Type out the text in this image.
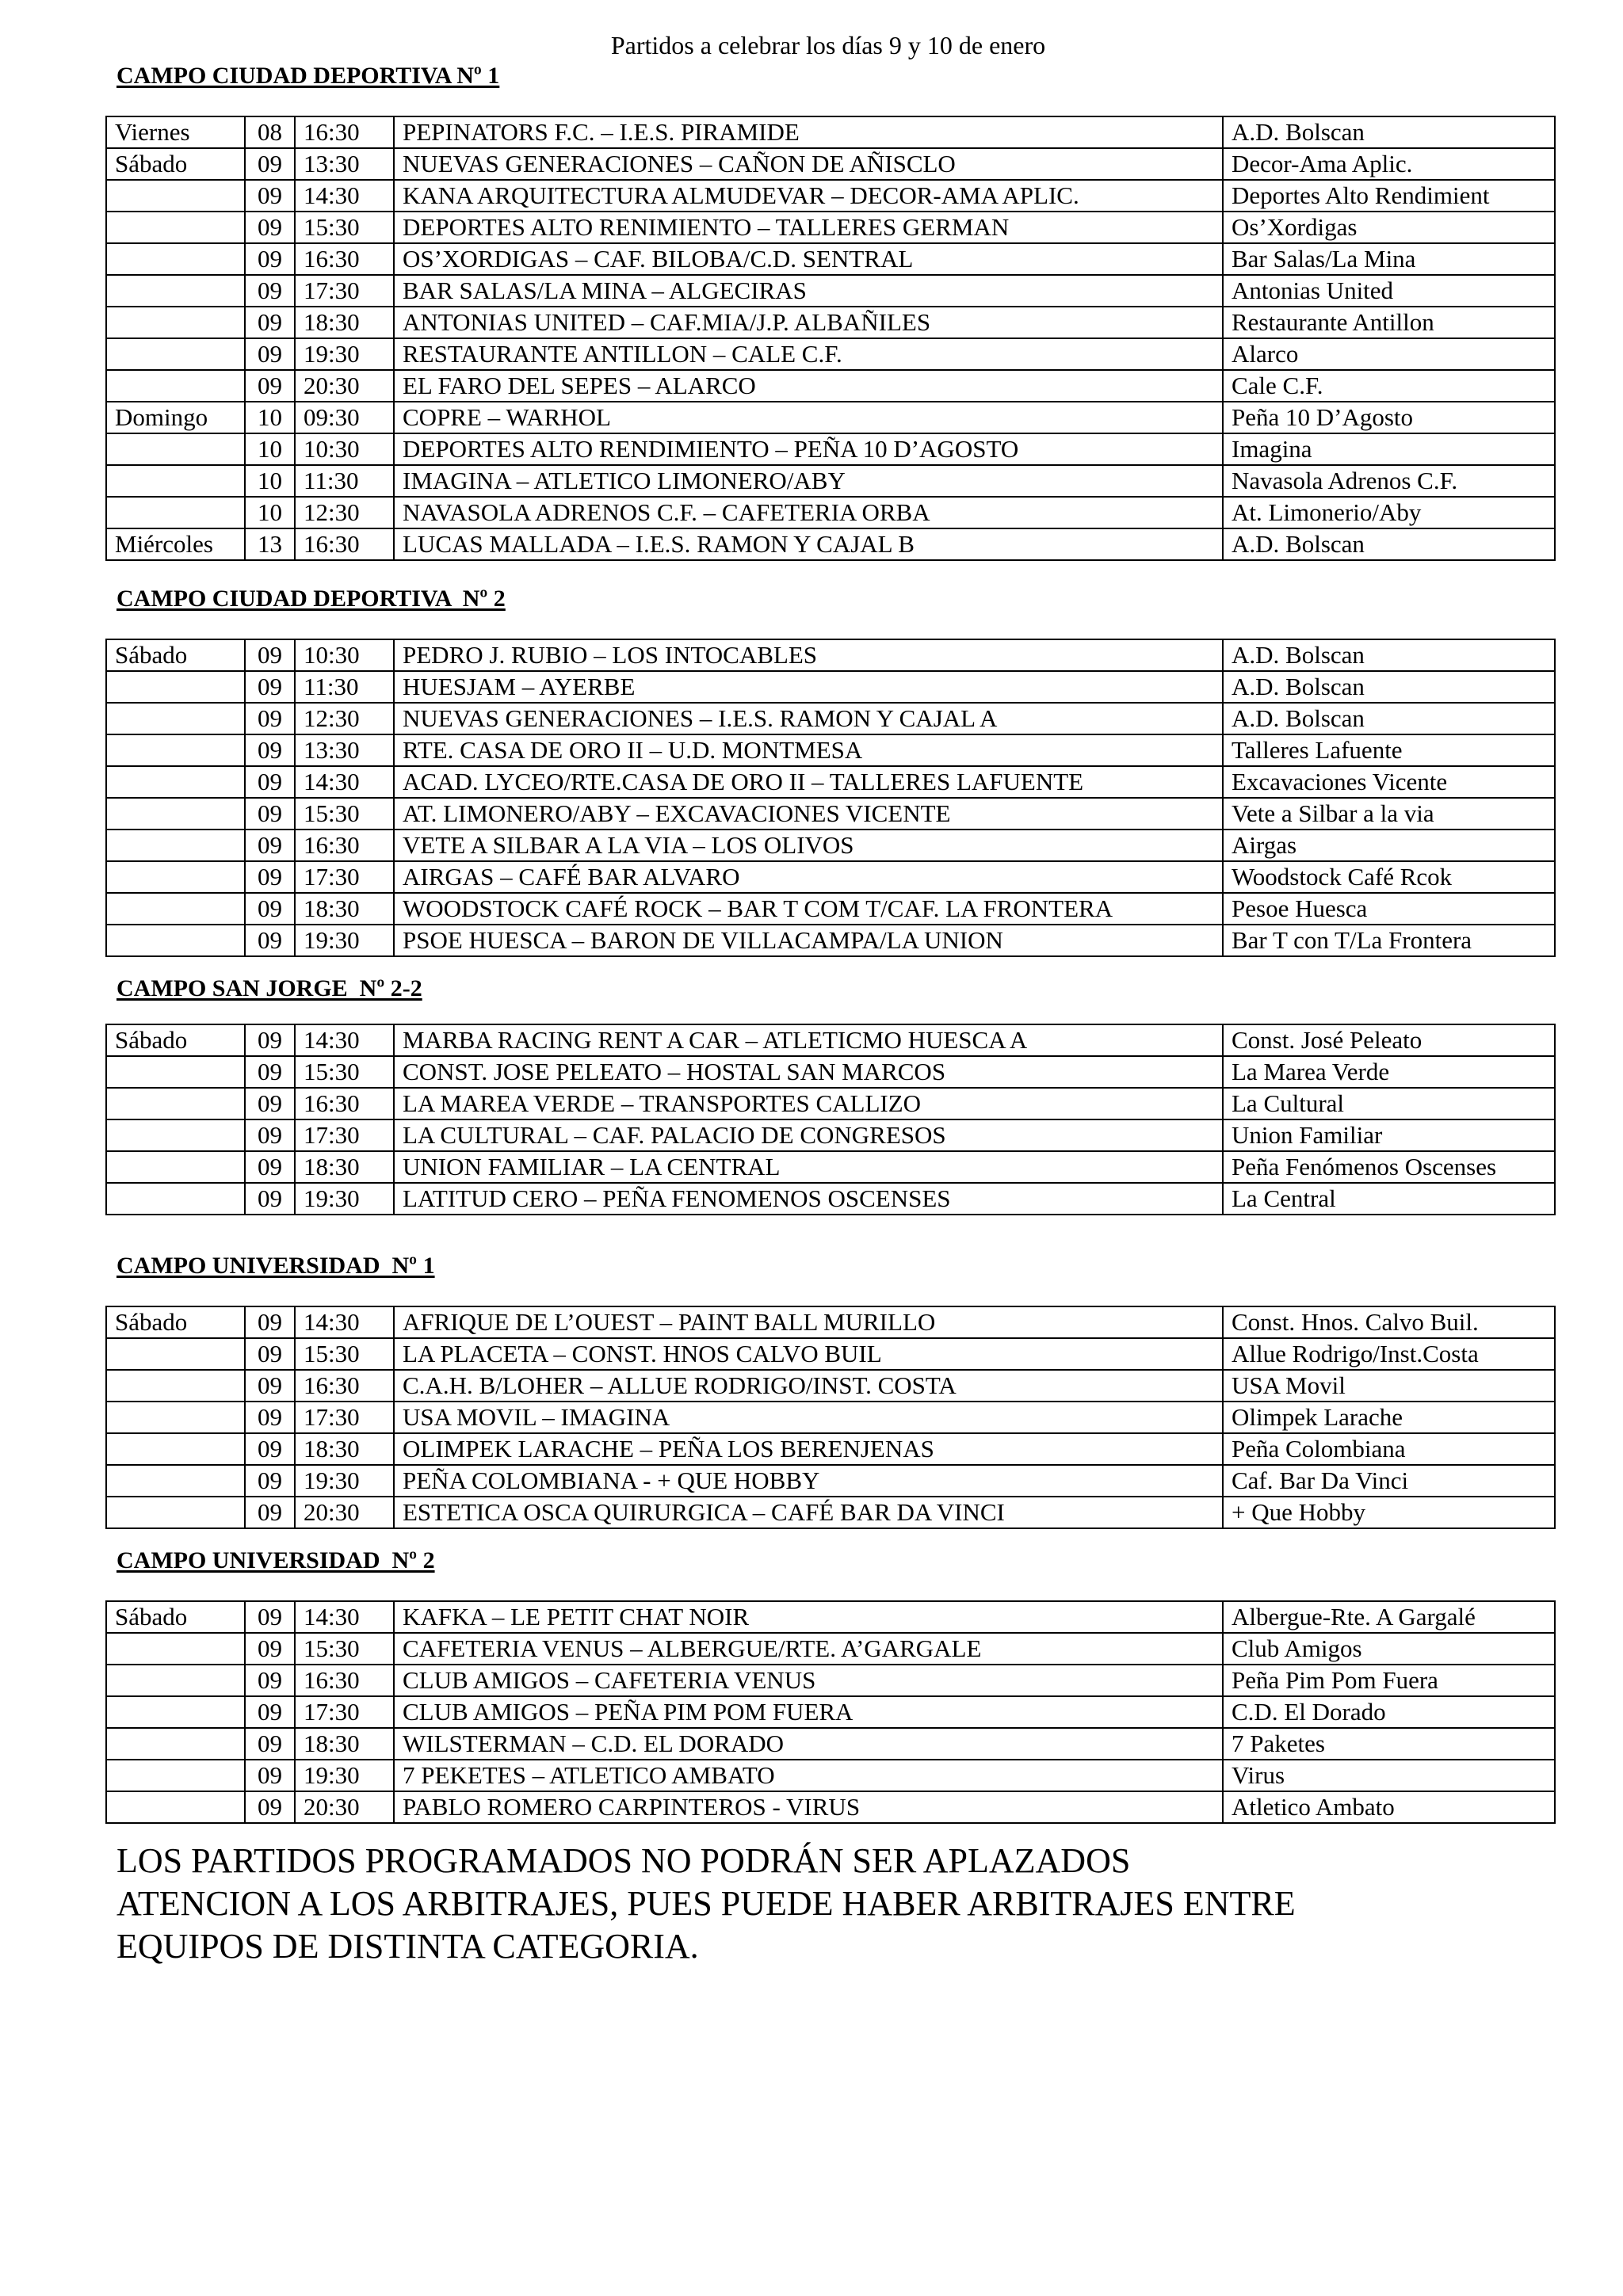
Partidos a celebrar los días 9 y 10 de enero
CAMPO CIUDAD DEPORTIVA Nº 1
Viernes	08	16:30	PEPINATORS F.C. – I.E.S. PIRAMIDE	A.D. Bolscan
Sábado	09	13:30	NUEVAS GENERACIONES – CAÑON DE AÑISCLO	Decor-Ama Aplic.
	09	14:30	KANA ARQUITECTURA ALMUDEVAR – DECOR-AMA APLIC.	Deportes Alto Rendimient
	09	15:30	DEPORTES ALTO RENIMIENTO – TALLERES GERMAN	Os’Xordigas
	09	16:30	OS’XORDIGAS – CAF. BILOBA/C.D. SENTRAL	Bar Salas/La Mina
	09	17:30	BAR SALAS/LA MINA – ALGECIRAS	Antonias United
	09	18:30	ANTONIAS UNITED – CAF.MIA/J.P. ALBAÑILES	Restaurante Antillon
	09	19:30	RESTAURANTE ANTILLON – CALE C.F.	Alarco
	09	20:30	EL FARO DEL SEPES – ALARCO	Cale C.F.
Domingo	10	09:30	COPRE – WARHOL	Peña 10 D’Agosto
	10	10:30	DEPORTES ALTO RENDIMIENTO – PEÑA 10 D’AGOSTO	Imagina
	10	11:30	IMAGINA – ATLETICO LIMONERO/ABY	Navasola Adrenos C.F.
	10	12:30	NAVASOLA ADRENOS C.F. – CAFETERIA ORBA	At. Limonerio/Aby
Miércoles	13	16:30	LUCAS MALLADA – I.E.S. RAMON Y CAJAL B	A.D. Bolscan
CAMPO CIUDAD DEPORTIVA  Nº 2
Sábado	09	10:30	PEDRO J. RUBIO – LOS INTOCABLES	A.D. Bolscan
	09	11:30	HUESJAM – AYERBE	A.D. Bolscan
	09	12:30	NUEVAS GENERACIONES – I.E.S. RAMON Y CAJAL A	A.D. Bolscan
	09	13:30	RTE. CASA DE ORO II – U.D. MONTMESA	Talleres Lafuente
	09	14:30	ACAD. LYCEO/RTE.CASA DE ORO II – TALLERES LAFUENTE	Excavaciones Vicente
	09	15:30	AT. LIMONERO/ABY – EXCAVACIONES VICENTE	Vete a Silbar a la via
	09	16:30	VETE A SILBAR A LA VIA – LOS OLIVOS	Airgas
	09	17:30	AIRGAS – CAFÉ BAR ALVARO	Woodstock Café Rcok
	09	18:30	WOODSTOCK CAFÉ ROCK – BAR T COM T/CAF. LA FRONTERA	Pesoe Huesca
	09	19:30	PSOE HUESCA – BARON DE VILLACAMPA/LA UNION	Bar T con T/La Frontera
CAMPO SAN JORGE  Nº 2-2
Sábado	09	14:30	MARBA RACING RENT A CAR – ATLETICMO HUESCA A	Const. José Peleato
	09	15:30	CONST. JOSE PELEATO – HOSTAL SAN MARCOS	La Marea Verde
	09	16:30	LA MAREA VERDE – TRANSPORTES CALLIZO	La Cultural
	09	17:30	LA CULTURAL – CAF. PALACIO DE CONGRESOS	Union Familiar
	09	18:30	UNION FAMILIAR – LA CENTRAL	Peña Fenómenos Oscenses
	09	19:30	LATITUD CERO – PEÑA FENOMENOS OSCENSES	La Central
CAMPO UNIVERSIDAD  Nº 1
Sábado	09	14:30	AFRIQUE DE L’OUEST – PAINT BALL MURILLO	Const. Hnos. Calvo Buil.
	09	15:30	LA PLACETA – CONST. HNOS CALVO BUIL	Allue Rodrigo/Inst.Costa
	09	16:30	C.A.H. B/LOHER – ALLUE RODRIGO/INST. COSTA	USA Movil
	09	17:30	USA MOVIL – IMAGINA	Olimpek Larache
	09	18:30	OLIMPEK LARACHE – PEÑA LOS BERENJENAS	Peña Colombiana
	09	19:30	PEÑA COLOMBIANA - + QUE HOBBY	Caf. Bar Da Vinci
	09	20:30	ESTETICA OSCA QUIRURGICA – CAFÉ BAR DA VINCI	+ Que Hobby
CAMPO UNIVERSIDAD  Nº 2
Sábado	09	14:30	KAFKA – LE PETIT CHAT NOIR	Albergue-Rte. A Gargalé
	09	15:30	CAFETERIA VENUS – ALBERGUE/RTE. A’GARGALE	Club Amigos
	09	16:30	CLUB AMIGOS – CAFETERIA VENUS	Peña Pim Pom Fuera
	09	17:30	CLUB AMIGOS – PEÑA PIM POM FUERA	C.D. El Dorado
	09	18:30	WILSTERMAN – C.D. EL DORADO	7 Paketes
	09	19:30	7 PEKETES – ATLETICO AMBATO	Virus
	09	20:30	PABLO ROMERO CARPINTEROS - VIRUS	Atletico Ambato
LOS PARTIDOS PROGRAMADOS NO PODRÁN SER APLAZADOS
ATENCION A LOS ARBITRAJES, PUES PUEDE HABER ARBITRAJES ENTRE
EQUIPOS DE DISTINTA CATEGORIA.
